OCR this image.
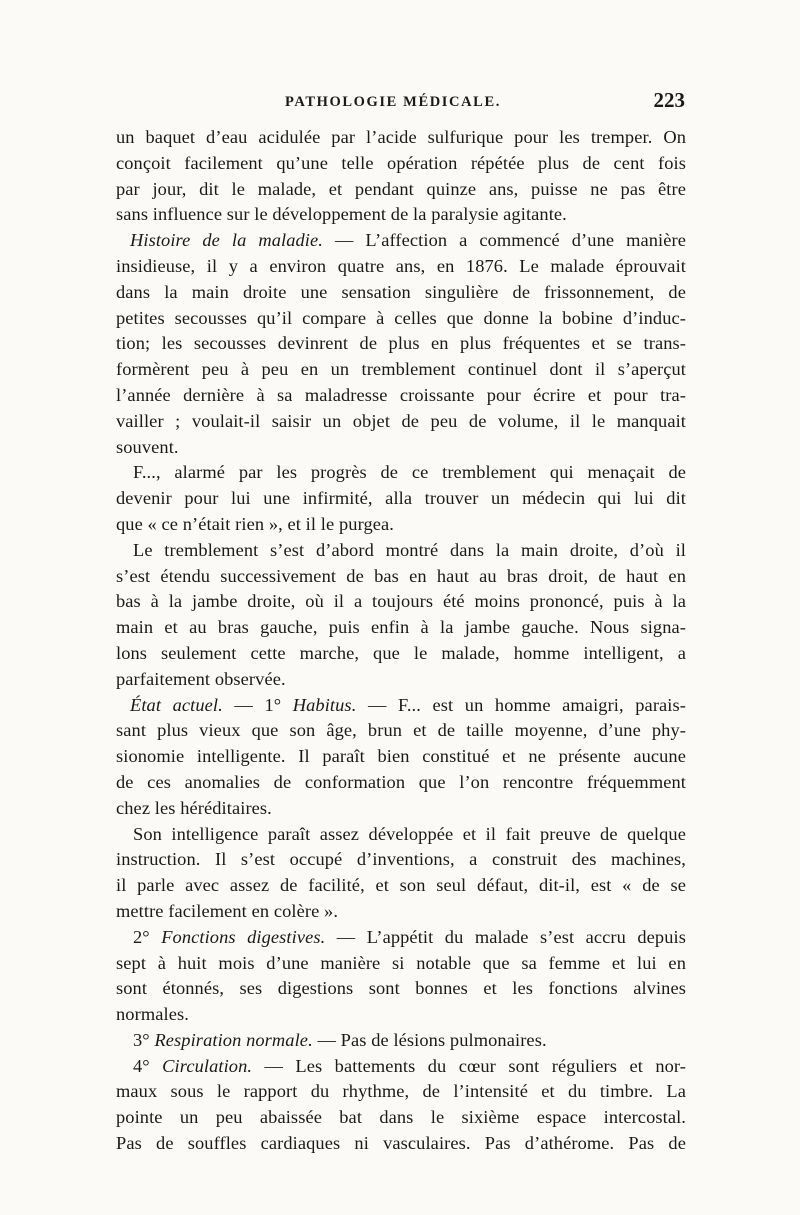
PATHOLOGIE MÉDICALE.	223
un baquet d’eau acidulée par l’acide sulfurique pour les tremper. On
conçoit facilement qu’une telle opération répétée plus de cent fois
par jour, dit le malade, et pendant quinze ans, puisse ne pas être
sans influence sur le développement de la paralysie agitante.
Histoire de la maladie. — L’affection a commencé d’une manière
insidieuse, il y a environ quatre ans, en 1876. Le malade éprouvait
dans la main droite une sensation singulière de frissonnement, de
petites secousses qu’il compare à celles que donne la bobine d’induc-
tion; les secousses devinrent de plus en plus fréquentes et se trans-
formèrent peu à peu en un tremblement continuel dont il s’aperçut
l’année dernière à sa maladresse croissante pour écrire et pour tra-
vailler ; voulait-il saisir un objet de peu de volume, il le manquait
souvent.
F..., alarmé par les progrès de ce tremblement qui menaçait de
devenir pour lui une infirmité, alla trouver un médecin qui lui dit
que « ce n’était rien », et il le purgea.
Le tremblement s’est d’abord montré dans la main droite, d’où il
s’est étendu successivement de bas en haut au bras droit, de haut en
bas à la jambe droite, où il a toujours été moins prononcé, puis à la
main et au bras gauche, puis enfin à la jambe gauche. Nous signa-
lons seulement cette marche, que le malade, homme intelligent, a
parfaitement observée.
État actuel. — 1° Habitus. — F... est un homme amaigri, parais-
sant plus vieux que son âge, brun et de taille moyenne, d’une phy-
sionomie intelligente. Il paraît bien constitué et ne présente aucune
de ces anomalies de conformation que l’on rencontre fréquemment
chez les héréditaires.
Son intelligence paraît assez développée et il fait preuve de quelque
instruction. Il s’est occupé d’inventions, a construit des machines,
il parle avec assez de facilité, et son seul défaut, dit-il, est « de se
mettre facilement en colère ».
2° Fonctions digestives. — L’appétit du malade s’est accru depuis
sept à huit mois d’une manière si notable que sa femme et lui en
sont étonnés, ses digestions sont bonnes et les fonctions alvines
normales.
3° Respiration normale. — Pas de lésions pulmonaires.
4° Circulation. — Les battements du cœur sont réguliers et nor-
maux sous le rapport du rhythme, de l’intensité et du timbre. La
pointe un peu abaissée bat dans le sixième espace intercostal.
Pas de souffles cardiaques ni vasculaires. Pas d’athérome. Pas de
